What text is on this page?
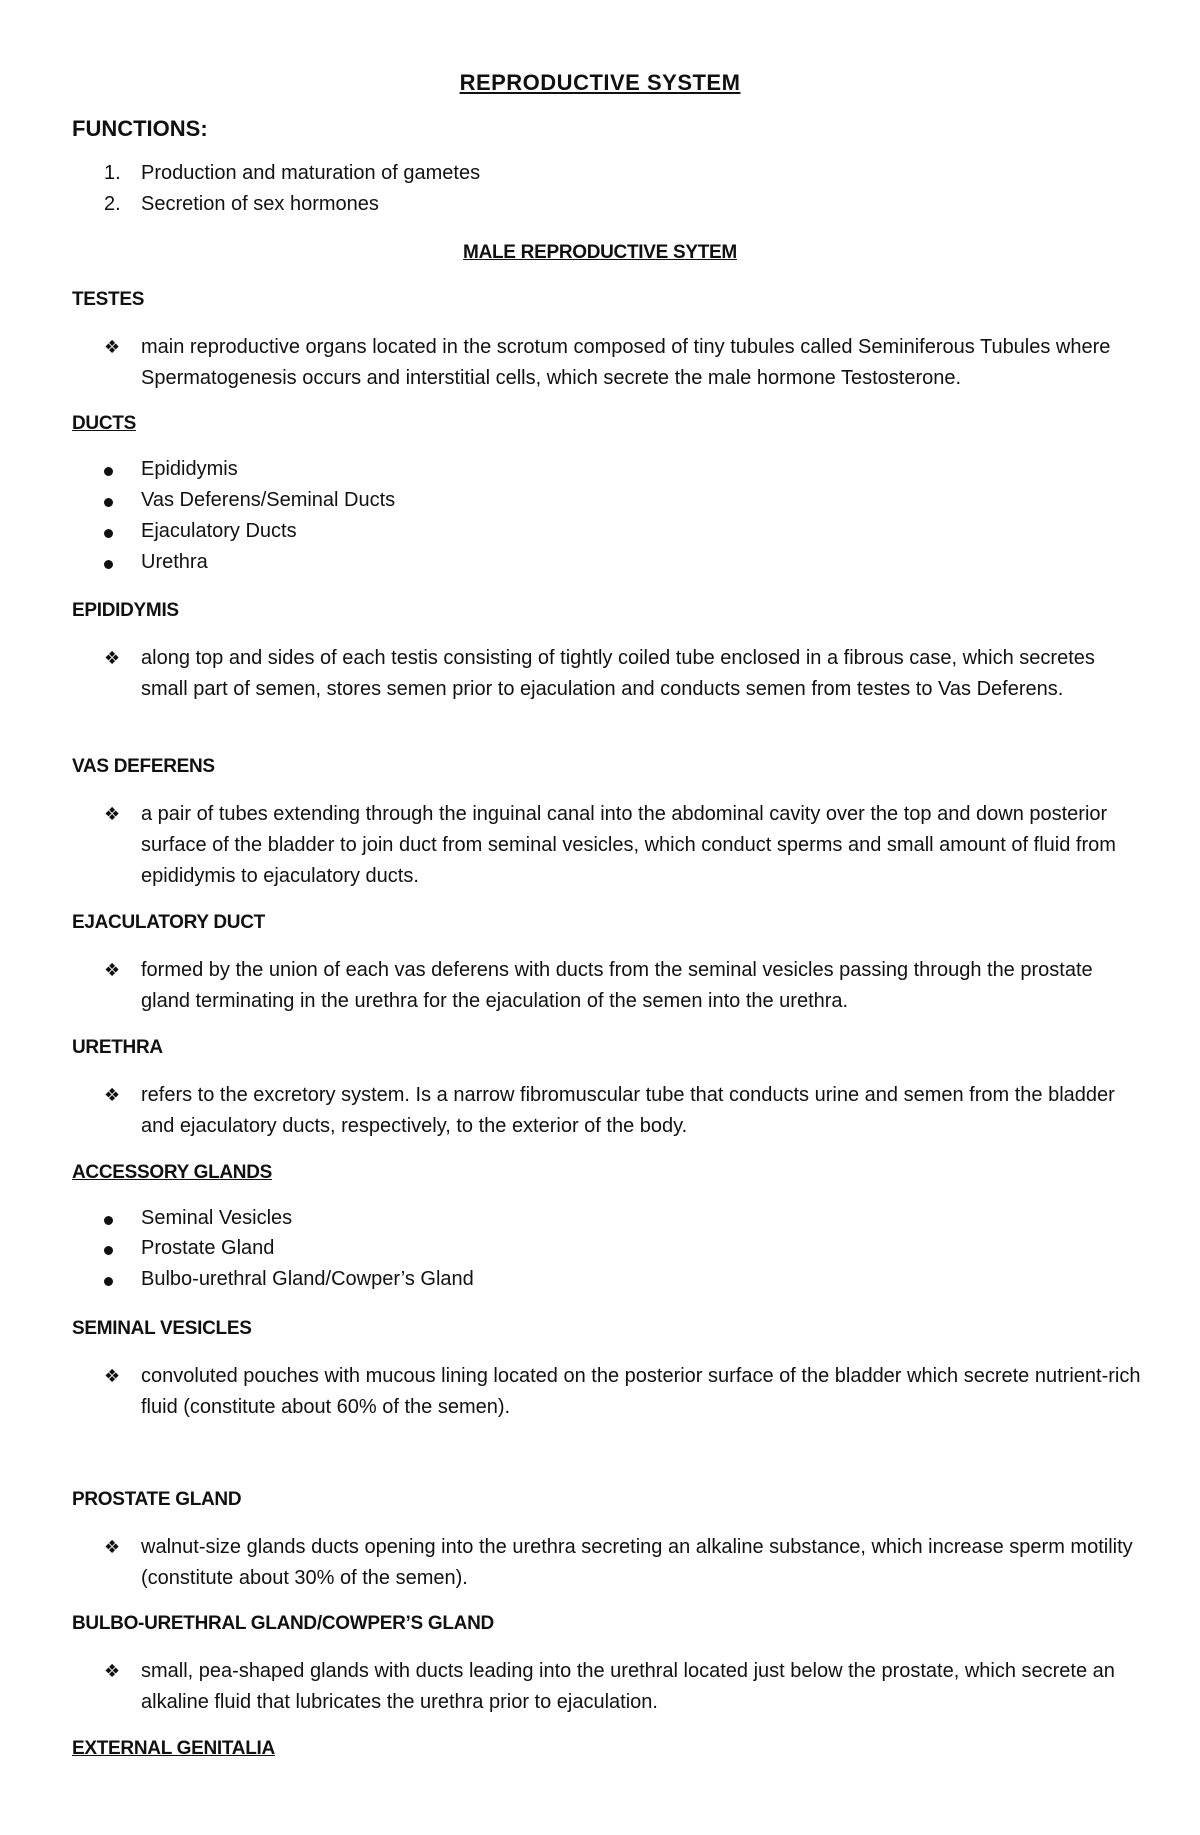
REPRODUCTIVE SYSTEM
FUNCTIONS:
1. Production and maturation of gametes
2. Secretion of sex hormones
MALE REPRODUCTIVE SYTEM
TESTES
❖ main reproductive organs located in the scrotum composed of tiny tubules called Seminiferous Tubules where Spermatogenesis occurs and interstitial cells, which secrete the male hormone Testosterone.
DUCTS
Epididymis
Vas Deferens/Seminal Ducts
Ejaculatory Ducts
Urethra
EPIDIDYMIS
❖ along top and sides of each testis consisting of tightly coiled tube enclosed in a fibrous case, which secretes small part of semen, stores semen prior to ejaculation and conducts semen from testes to Vas Deferens.
VAS DEFERENS
❖ a pair of tubes extending through the inguinal canal into the abdominal cavity over the top and down posterior surface of the bladder to join duct from seminal vesicles, which conduct sperms and small amount of fluid from epididymis to ejaculatory ducts.
EJACULATORY DUCT
❖ formed by the union of each vas deferens with ducts from the seminal vesicles passing through the prostate gland terminating in the urethra for the ejaculation of the semen into the urethra.
URETHRA
❖ refers to the excretory system. Is a narrow fibromuscular tube that conducts urine and semen from the bladder and ejaculatory ducts, respectively, to the exterior of the body.
ACCESSORY GLANDS
Seminal Vesicles
Prostate Gland
Bulbo-urethral Gland/Cowper’s Gland
SEMINAL VESICLES
❖ convoluted pouches with mucous lining located on the posterior surface of the bladder which secrete nutrient-rich fluid (constitute about 60% of the semen).
PROSTATE GLAND
❖ walnut-size glands ducts opening into the urethra secreting an alkaline substance, which increase sperm motility (constitute about 30% of the semen).
BULBO-URETHRAL GLAND/COWPER’S GLAND
❖ small, pea-shaped glands with ducts leading into the urethral located just below the prostate, which secrete an alkaline fluid that lubricates the urethra prior to ejaculation.
EXTERNAL GENITALIA
